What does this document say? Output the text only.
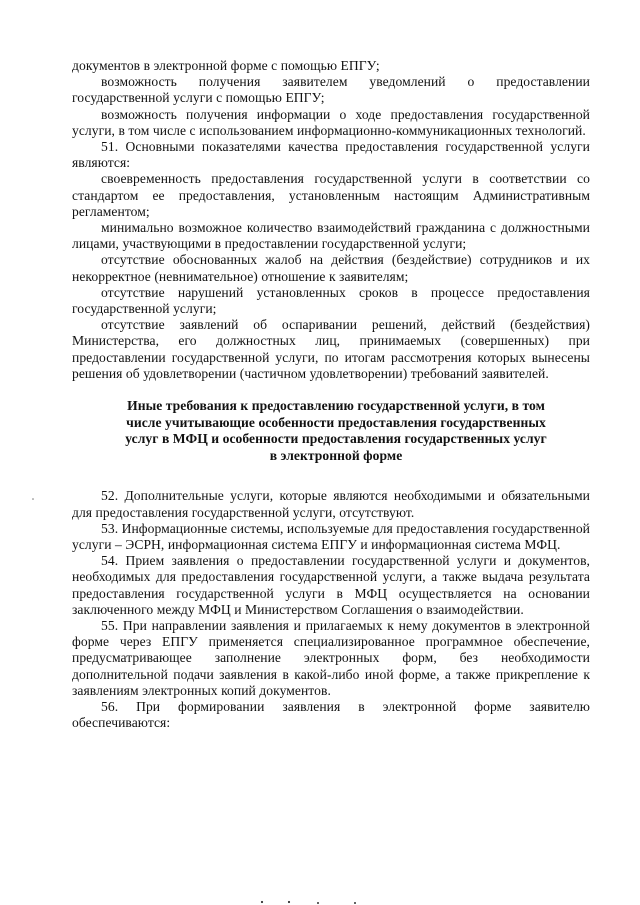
документов в электронной форме с помощью ЕПГУ;

возможность получения заявителем уведомлений о предоставлении государственной услуги с помощью ЕПГУ;

возможность получения информации о ходе предоставления государственной услуги, в том числе с использованием информационно-коммуникационных технологий.

51. Основными показателями качества предоставления государственной услуги являются:

своевременность предоставления государственной услуги в соответствии со стандартом ее предоставления, установленным настоящим Административным регламентом;

минимально возможное количество взаимодействий гражданина с должностными лицами, участвующими в предоставлении государственной услуги;

отсутствие обоснованных жалоб на действия (бездействие) сотрудников и их некорректное (невнимательное) отношение к заявителям;

отсутствие нарушений установленных сроков в процессе предоставления государственной услуги;

отсутствие заявлений об оспаривании решений, действий (бездействия) Министерства, его должностных лиц, принимаемых (совершенных) при предоставлении государственной услуги, по итогам рассмотрения которых вынесены решения об удовлетворении (частичном удовлетворении) требований заявителей.

Иные требования к предоставлению государственной услуги, в том числе учитывающие особенности предоставления государственных услуг в МФЦ и особенности предоставления государственных услуг в электронной форме

52. Дополнительные услуги, которые являются необходимыми и обязательными для предоставления государственной услуги, отсутствуют.

53. Информационные системы, используемые для предоставления государственной услуги – ЭСРН, информационная система ЕПГУ и информационная система МФЦ.

54. Прием заявления о предоставлении государственной услуги и документов, необходимых для предоставления государственной услуги, а также выдача результата предоставления государственной услуги в МФЦ осуществляется на основании заключенного между МФЦ и Министерством Соглашения о взаимодействии.

55. При направлении заявления и прилагаемых к нему документов в электронной форме через ЕПГУ применяется специализированное программное обеспечение, предусматривающее заполнение электронных форм, без необходимости дополнительной подачи заявления в какой-либо иной форме, а также прикрепление к заявлениям электронных копий документов.

56. При формировании заявления в электронной форме заявителю обеспечиваются:
